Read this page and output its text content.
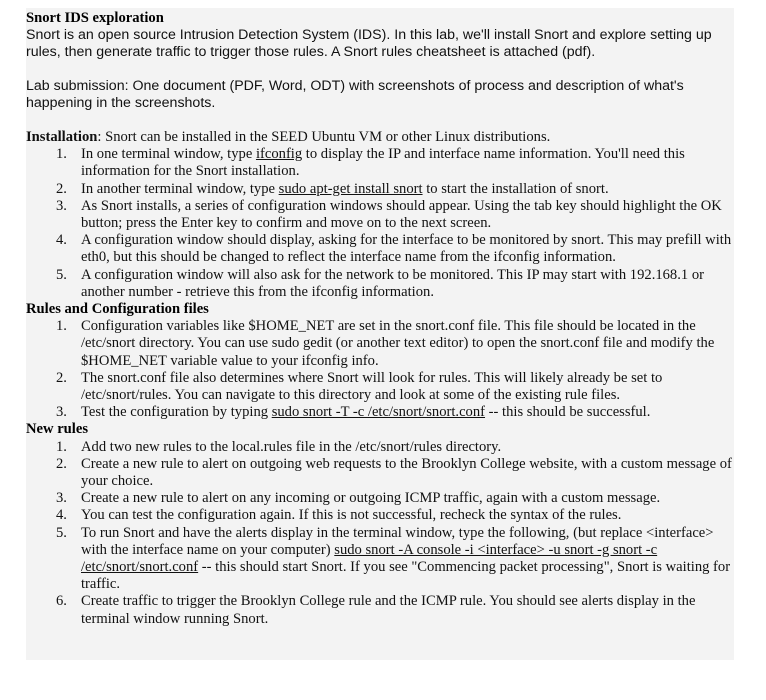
Snort IDS exploration

Snort is an open source Intrusion Detection System (IDS). In this lab, we'll install Snort and explore setting up rules, then generate traffic to trigger those rules. A Snort rules cheatsheet is attached (pdf).

Lab submission: One document (PDF, Word, ODT) with screenshots of process and description of what's happening in the screenshots.

Installation: Snort can be installed in the SEED Ubuntu VM or other Linux distributions.

1. In one terminal window, type ifconfig to display the IP and interface name information. You'll need this information for the Snort installation.
2. In another terminal window, type sudo apt-get install snort to start the installation of snort.
3. As Snort installs, a series of configuration windows should appear. Using the tab key should highlight the OK button; press the Enter key to confirm and move on to the next screen.
4. A configuration window should display, asking for the interface to be monitored by snort. This may prefill with eth0, but this should be changed to reflect the interface name from the ifconfig information.
5. A configuration window will also ask for the network to be monitored. This IP may start with 192.168.1 or another number - retrieve this from the ifconfig information.

Rules and Configuration files

1. Configuration variables like $HOME_NET are set in the snort.conf file. This file should be located in the /etc/snort directory. You can use sudo gedit (or another text editor) to open the snort.conf file and modify the $HOME_NET variable value to your ifconfig info.
2. The snort.conf file also determines where Snort will look for rules. This will likely already be set to /etc/snort/rules. You can navigate to this directory and look at some of the existing rule files.
3. Test the configuration by typing sudo snort -T -c /etc/snort/snort.conf -- this should be successful.

New rules

1. Add two new rules to the local.rules file in the /etc/snort/rules directory.
2. Create a new rule to alert on outgoing web requests to the Brooklyn College website, with a custom message of your choice.
3. Create a new rule to alert on any incoming or outgoing ICMP traffic, again with a custom message.
4. You can test the configuration again. If this is not successful, recheck the syntax of the rules.
5. To run Snort and have the alerts display in the terminal window, type the following, (but replace <interface> with the interface name on your computer) sudo snort -A console -i <interface> -u snort -g snort -c /etc/snort/snort.conf -- this should start Snort. If you see "Commencing packet processing", Snort is waiting for traffic.
6. Create traffic to trigger the Brooklyn College rule and the ICMP rule. You should see alerts display in the terminal window running Snort.
